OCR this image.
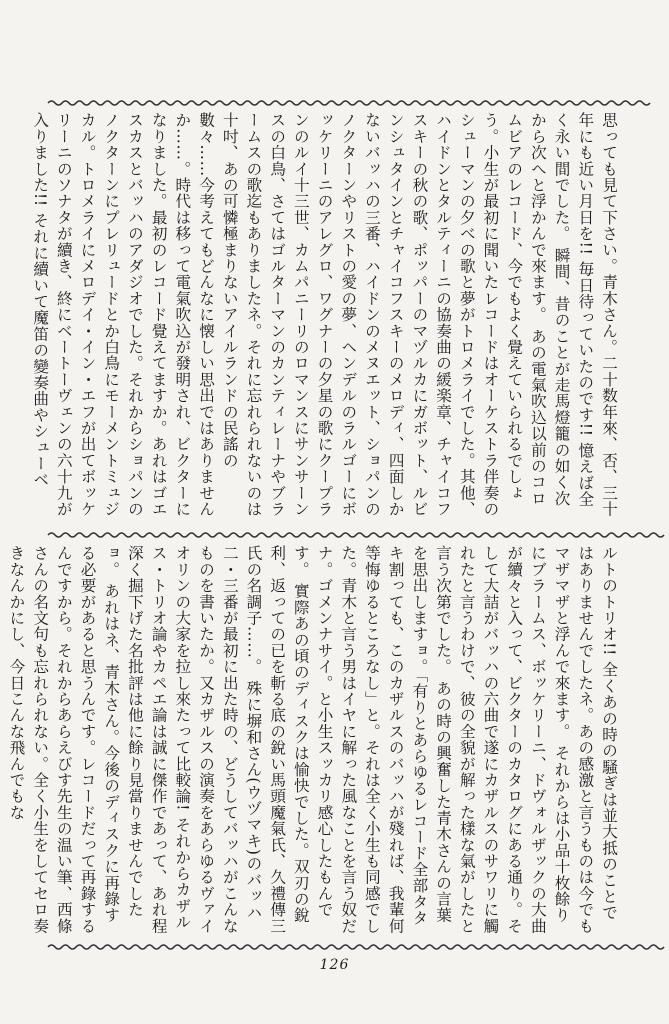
思っても見て下さい。青木さん。二十数年來、否、三十年にも近い月日を!! 毎日待っていたのです!! 憶えば全く永い間でした。 瞬間、昔のことが走馬燈籠の如く次から次へと浮かんで來ます。 あの電氣吹込以前のコロムビアのレコード、今でもよく覺えていられるでしょう。小生が最初に聞いたレコードはオーケストラ伴奏のシューマンの夕べの歌と夢がトロメライでした。其他、ハイドンとタルティーニの協奏曲の緩楽章、チャイコフスキーの秋の歌、ポッパーのマヅルカにガボット、ルビンシュタインとチャイコフスキーのメロディ、四面しかないバッハの三番、ハイドンのメヌエット、ショパンのノクターンやリストの愛の夢、ヘンデルのラルゴーにボッケリーニのアレグロ、ワグナーの夕星の歌にクープランのルイ十三世、カムパニーリのロマンスにサンサーンスの白鳥、さてはゴルターマンのカンティレーナやブラームスの歌迄もありましたネ。それに忘れられないのは十吋、あの可憐極まりないアイルランドの民謠の數々……今考えてもどんなに懐しい思出ではありませんか……。時代は移って電氣吹込が發明され、ビクターになりました。最初のレコード覺えてますか。あれはゴエスカスとバッハのアダジオでした。それからショパンのノクターンにプレリュードとか白鳥にモーメントミュジカル。トロメライにメロデイ・イン・エフが出てボッケリーニのソナタが續き、終にベートーヴェンの六十九が入りました!! それに續いて魔笛の變奏曲やシューベ
ルトのトリオ!! 全くあの時の騒ぎは並大抵のことではありませんでしたネ。あの感激と言うものは今でもマザマザと浮んで來ます。 それからは小品十枚餘りにブラームス、ボッケリーニ、ドヴォルザックの大曲が續々と入って、ビクターのカタログにある通り。そして大詰がバッハの六曲で遂にカザルスのサワリに觸れたと言うわけで、彼の全貌が解った樣な氣がしたと言う次第でした。 あの時の興奮した青木さんの言葉を思出しますョ。「有りとあらゆるレコード全部タタキ割っても、このカザルスのバッハが殘れば、我輩何等悔ゆるところなし」と。それは全く小生も同感でした。青木と言う男はイヤに解った風なことを言う奴だナ。ゴメンナサイ。と小生スッカリ感心したもんです。 實際あの頃のディスクは愉快でした。双刃の銳利、返っての已を斬る底の銳い馬頭魔氣氏、久禮傳三氏の名調子……。 殊に塀和さん(ウヅマキ)のバッハ二・三番が最初に出た時の、どうしてバッハがこんなものを書いたか。又カザルスの演奏をあらゆるヴァイオリンの大家を拉し來たって比較論! それからカザルス・トリオ論やカペエ論は誠に傑作であって、あれ程深く掘下げた名批評は他に餘り見當りませんでしたョ。 あれはネ、青木さん。今後のディスクに再錄する必要があると思うんです。レコードだって再錄するんですから。それからあらえびす先生の温い筆、西條さんの名文句も忘れられない。全く小生をしてセロ奏きなんかにし、今日こんな飛んでもな
126
